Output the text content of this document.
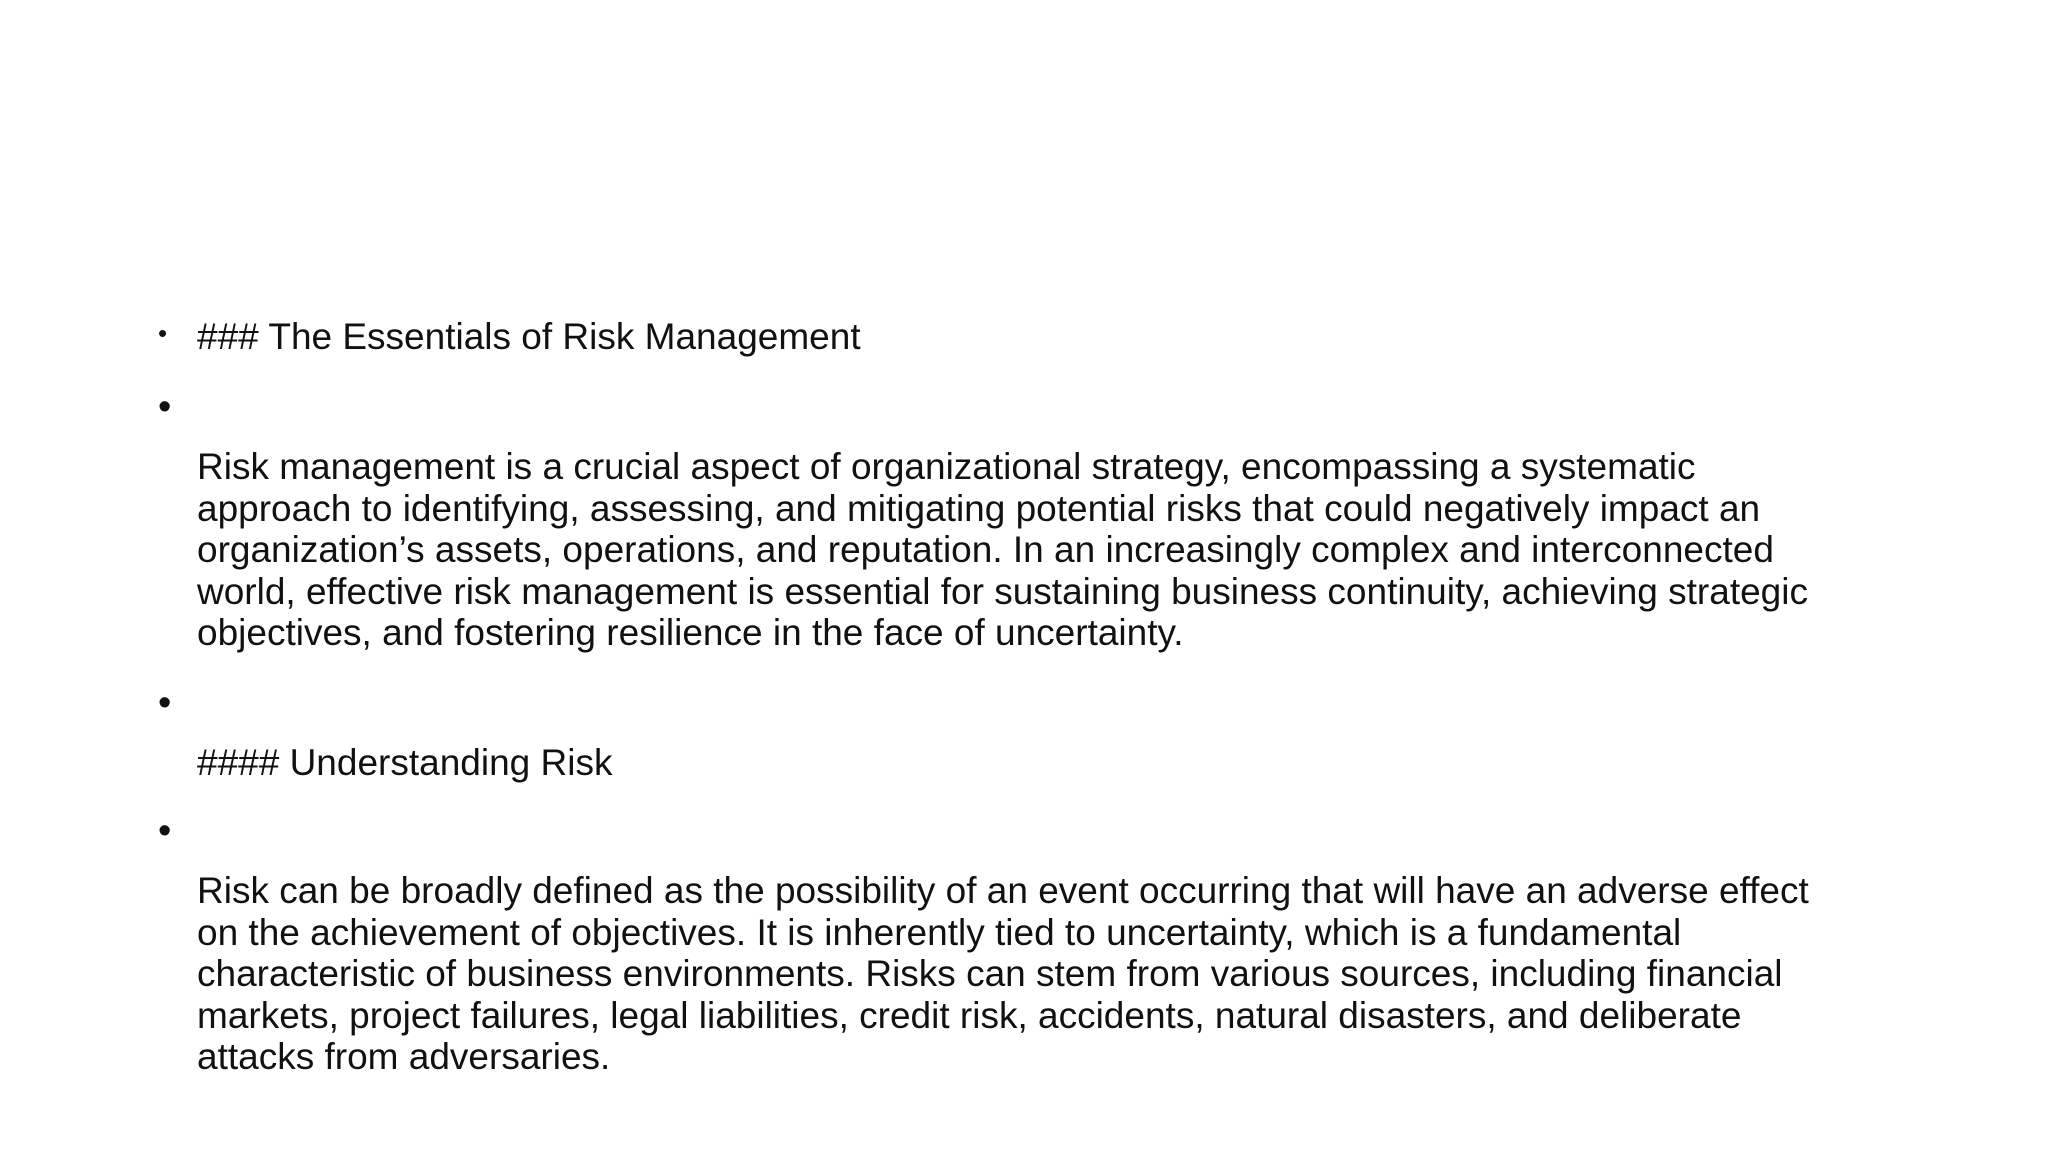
• ### The Essentials of Risk Management

•

Risk management is a crucial aspect of organizational strategy, encompassing a systematic
approach to identifying, assessing, and mitigating potential risks that could negatively impact an
organization’s assets, operations, and reputation. In an increasingly complex and interconnected
world, effective risk management is essential for sustaining business continuity, achieving strategic
objectives, and fostering resilience in the face of uncertainty.

•

#### Understanding Risk

•

Risk can be broadly defined as the possibility of an event occurring that will have an adverse effect
on the achievement of objectives. It is inherently tied to uncertainty, which is a fundamental
characteristic of business environments. Risks can stem from various sources, including financial
markets, project failures, legal liabilities, credit risk, accidents, natural disasters, and deliberate
attacks from adversaries.
